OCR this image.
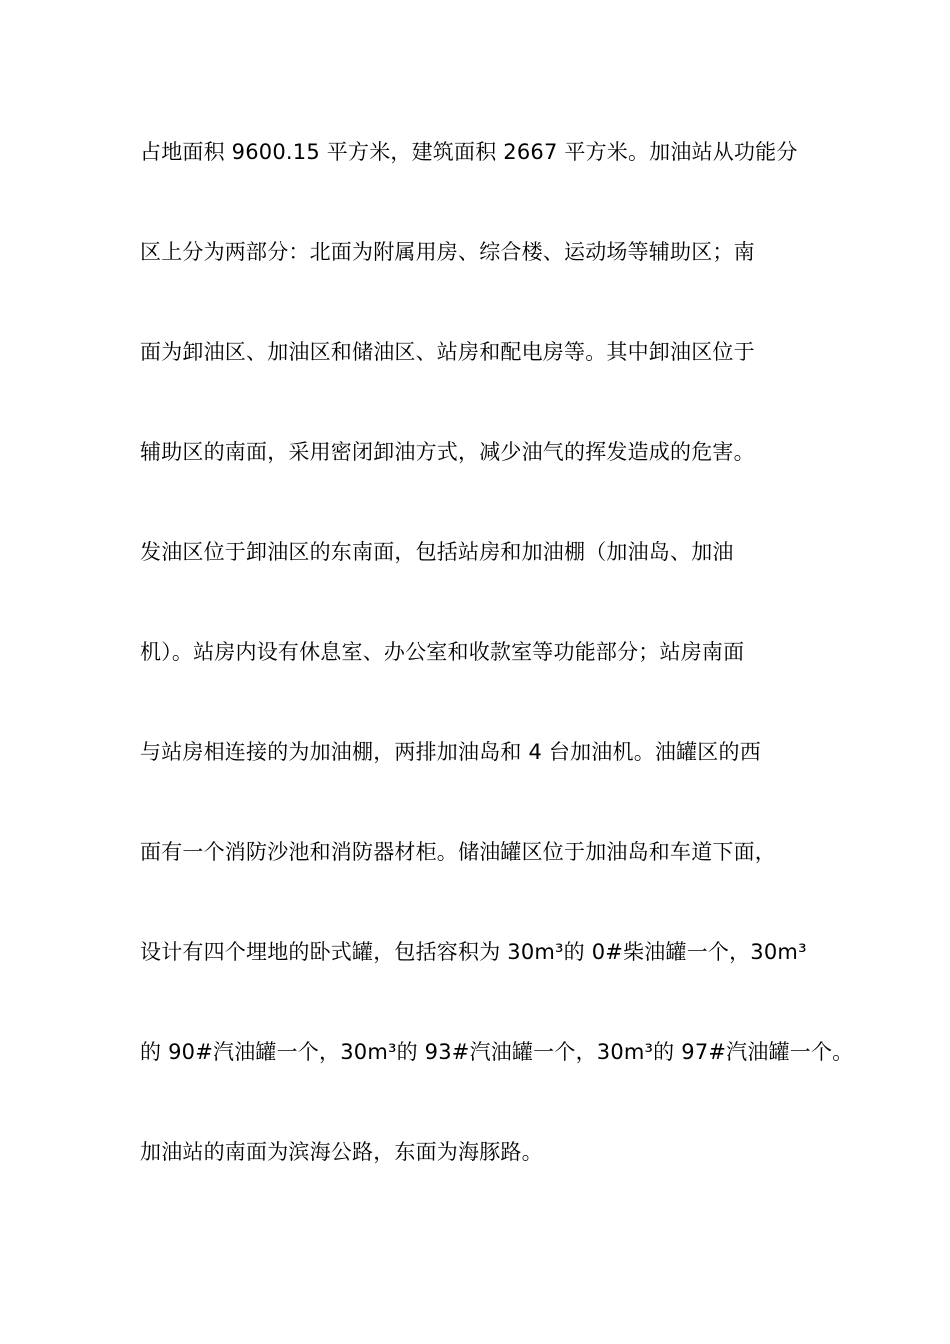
占地面积 9600.15 平方米，建筑面积 2667 平方米。加油站从功能分
区上分为两部分：北面为附属用房、综合楼、运动场等辅助区；南
面为卸油区、加油区和储油区、站房和配电房等。其中卸油区位于
辅助区的南面，采用密闭卸油方式，减少油气的挥发造成的危害。
发油区位于卸油区的东南面，包括站房和加油棚（加油岛、加油
机）。站房内设有休息室、办公室和收款室等功能部分；站房南面
与站房相连接的为加油棚，两排加油岛和 4 台加油机。油罐区的西
面有一个消防沙池和消防器材柜。储油罐区位于加油岛和车道下面，
设计有四个埋地的卧式罐，包括容积为 30m³的 0#柴油罐一个，30m³
的 90#汽油罐一个，30m³的 93#汽油罐一个，30m³的 97#汽油罐一个。
加油站的南面为滨海公路，东面为海豚路。
